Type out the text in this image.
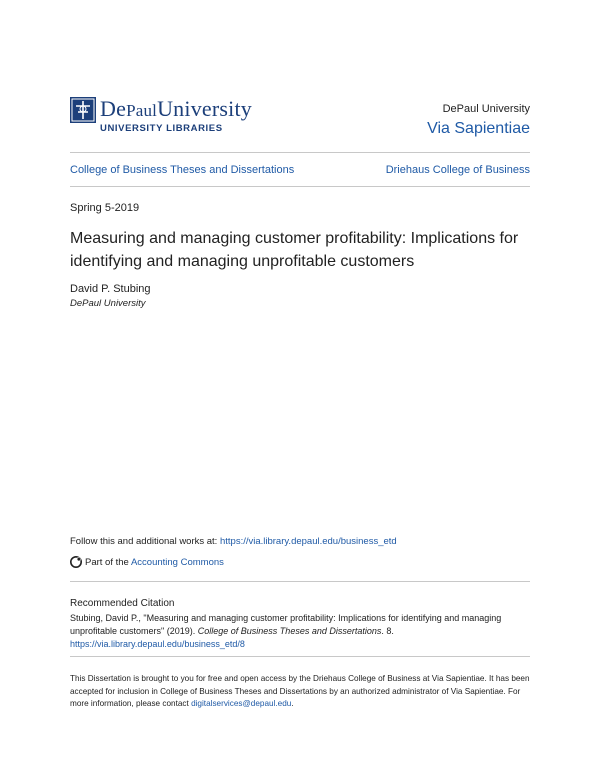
DePaulUniversity
UNIVERSITY LIBRARIES
DePaul University
Via Sapientiae
College of Business Theses and Dissertations	Driehaus College of Business
Spring 5-2019
Measuring and managing customer profitability: Implications for identifying and managing unprofitable customers
David P. Stubing
DePaul University
Follow this and additional works at: https://via.library.depaul.edu/business_etd
Part of the Accounting Commons
Recommended Citation
Stubing, David P., "Measuring and managing customer profitability: Implications for identifying and managing unprofitable customers" (2019). College of Business Theses and Dissertations. 8.
https://via.library.depaul.edu/business_etd/8
This Dissertation is brought to you for free and open access by the Driehaus College of Business at Via Sapientiae. It has been accepted for inclusion in College of Business Theses and Dissertations by an authorized administrator of Via Sapientiae. For more information, please contact digitalservices@depaul.edu.
